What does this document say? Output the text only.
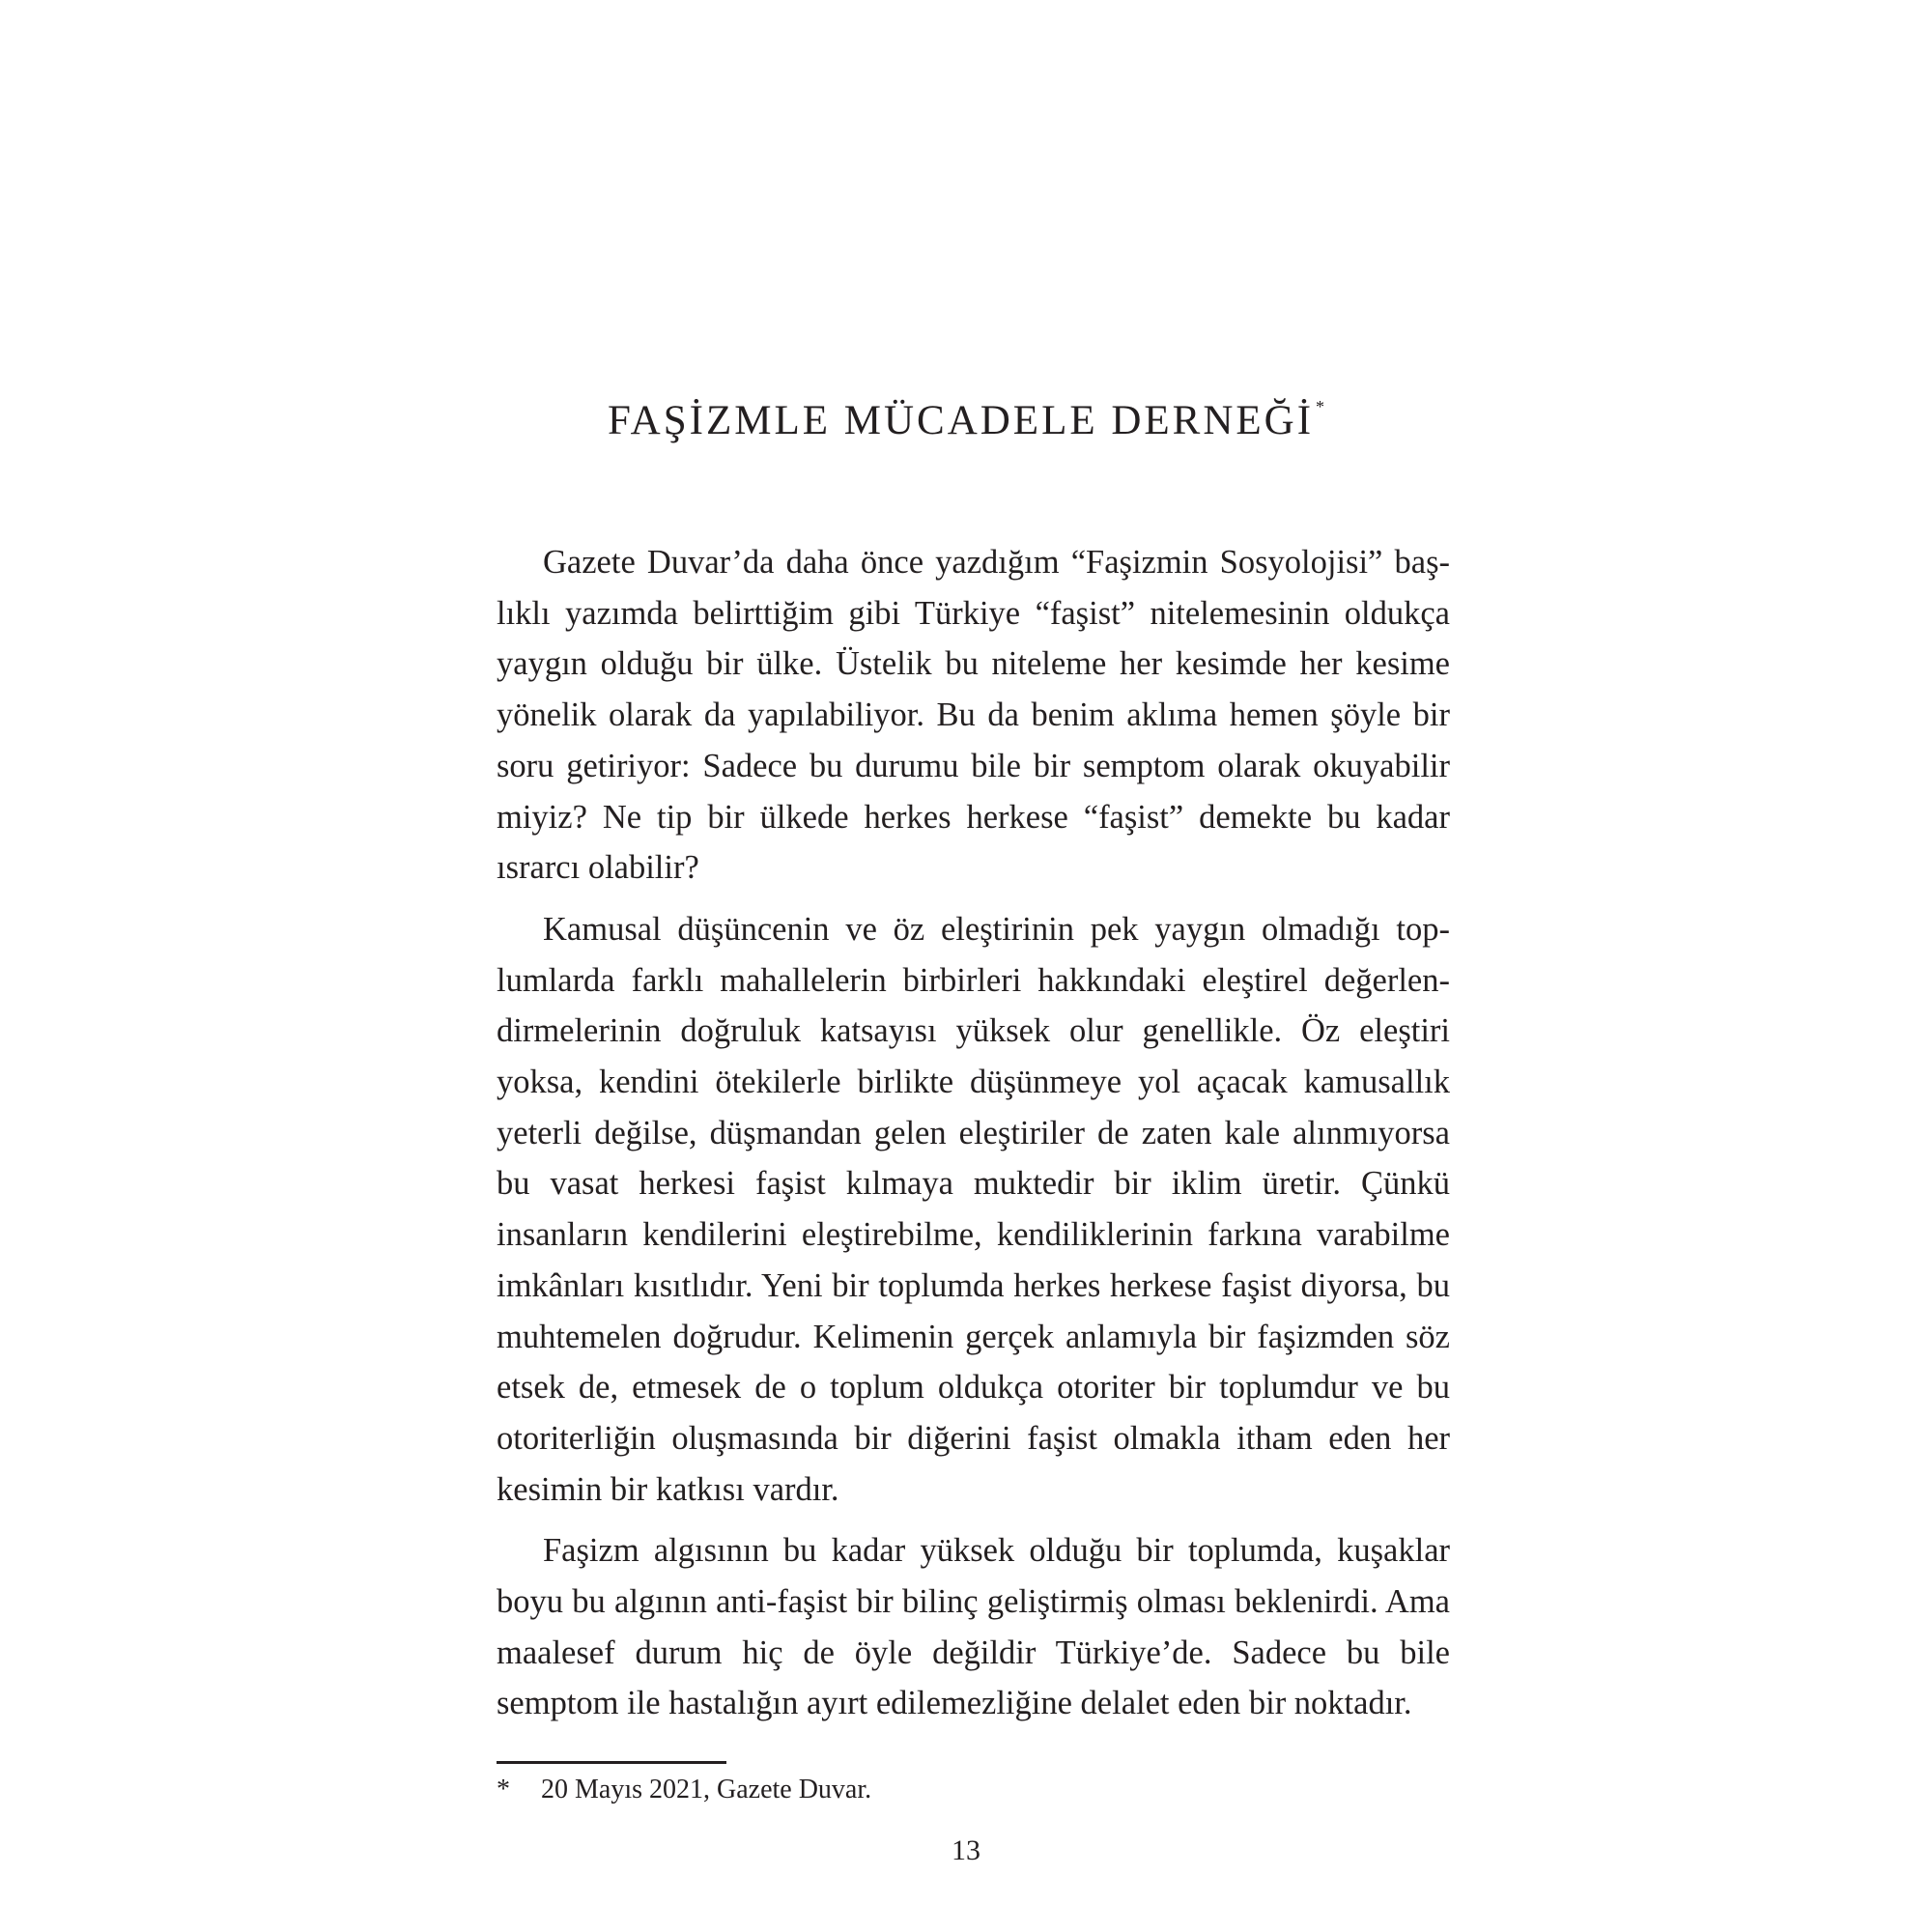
FAŞİZMLE MÜCADELE DERNEĞİ *

Gazete Duvar’da daha önce yazdığım “Faşizmin Sosyolojisi” başlıklı yazımda belirttiğim gibi Türkiye “faşist” nitelemesinin oldukça yaygın olduğu bir ülke. Üstelik bu niteleme her kesimde her kesime yönelik olarak da yapılabiliyor. Bu da benim aklıma hemen şöyle bir soru getiriyor: Sadece bu durumu bile bir semptom olarak okuyabilir miyiz? Ne tip bir ülkede herkes herkese “faşist” demekte bu kadar ısrarcı olabilir?

Kamusal düşüncenin ve öz eleştirinin pek yaygın olmadığı toplumlarda farklı mahallelerin birbirleri hakkındaki eleştirel değerlendirmelerinin doğruluk katsayısı yüksek olur genellikle. Öz eleştiri yoksa, kendini ötekilerle birlikte düşünmeye yol açacak kamusallık yeterli değilse, düşmandan gelen eleştiriler de zaten kale alınmıyorsa bu vasat herkesi faşist kılmaya muktedir bir iklim üretir. Çünkü insanların kendilerini eleştirebilme, kendiliklerinin farkına varabilme imkânları kısıtlıdır. Yeni bir toplumda herkes herkese faşist diyorsa, bu muhtemelen doğrudur. Kelimenin gerçek anlamıyla bir faşizmden söz etsek de, etmesek de o toplum oldukça otoriter bir toplumdur ve bu otoriterliğin oluşmasında bir diğerini faşist olmakla itham eden her kesimin bir katkısı vardır.

Faşizm algısının bu kadar yüksek olduğu bir toplumda, kuşaklar boyu bu algının anti-faşist bir bilinç geliştirmiş olması beklenirdi. Ama maalesef durum hiç de öyle değildir Türkiye’de. Sadece bu bile semptom ile hastalığın ayırt edilemezliğine delalet eden bir noktadır.

* 20 Mayıs 2021, Gazete Duvar.
13
